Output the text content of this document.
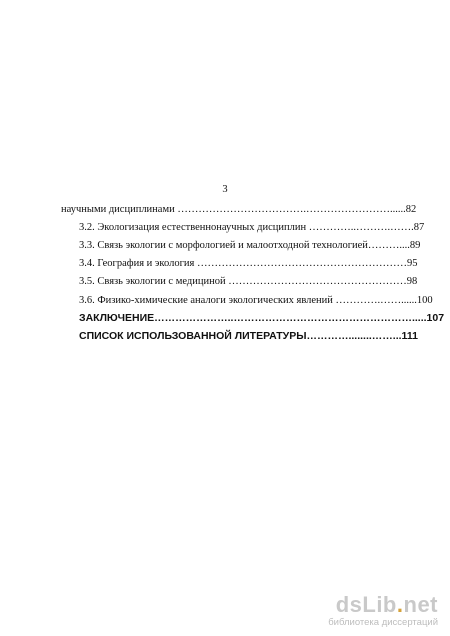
3
научными дисциплинами ……………………………….……………………......82
3.2. Экологизация естественнонаучных дисциплин …………..……….…….87
3.3. Связь экологии с морфологией и малоотходной технологией………....89
3.4. География и экология ……………………………………………………95
3.5. Связь экологии с медициной ……………………………………………98
3.6. Физико-химические аналоги экологических явлений ………….……......100
ЗАКЛЮЧЕНИЕ…………………..…………………………………………….....107
СПИСОК ИСПОЛЬЗОВАННОЙ ЛИТЕРАТУРЫ…………........……...111
dsLib.net
библиотека диссертаций
